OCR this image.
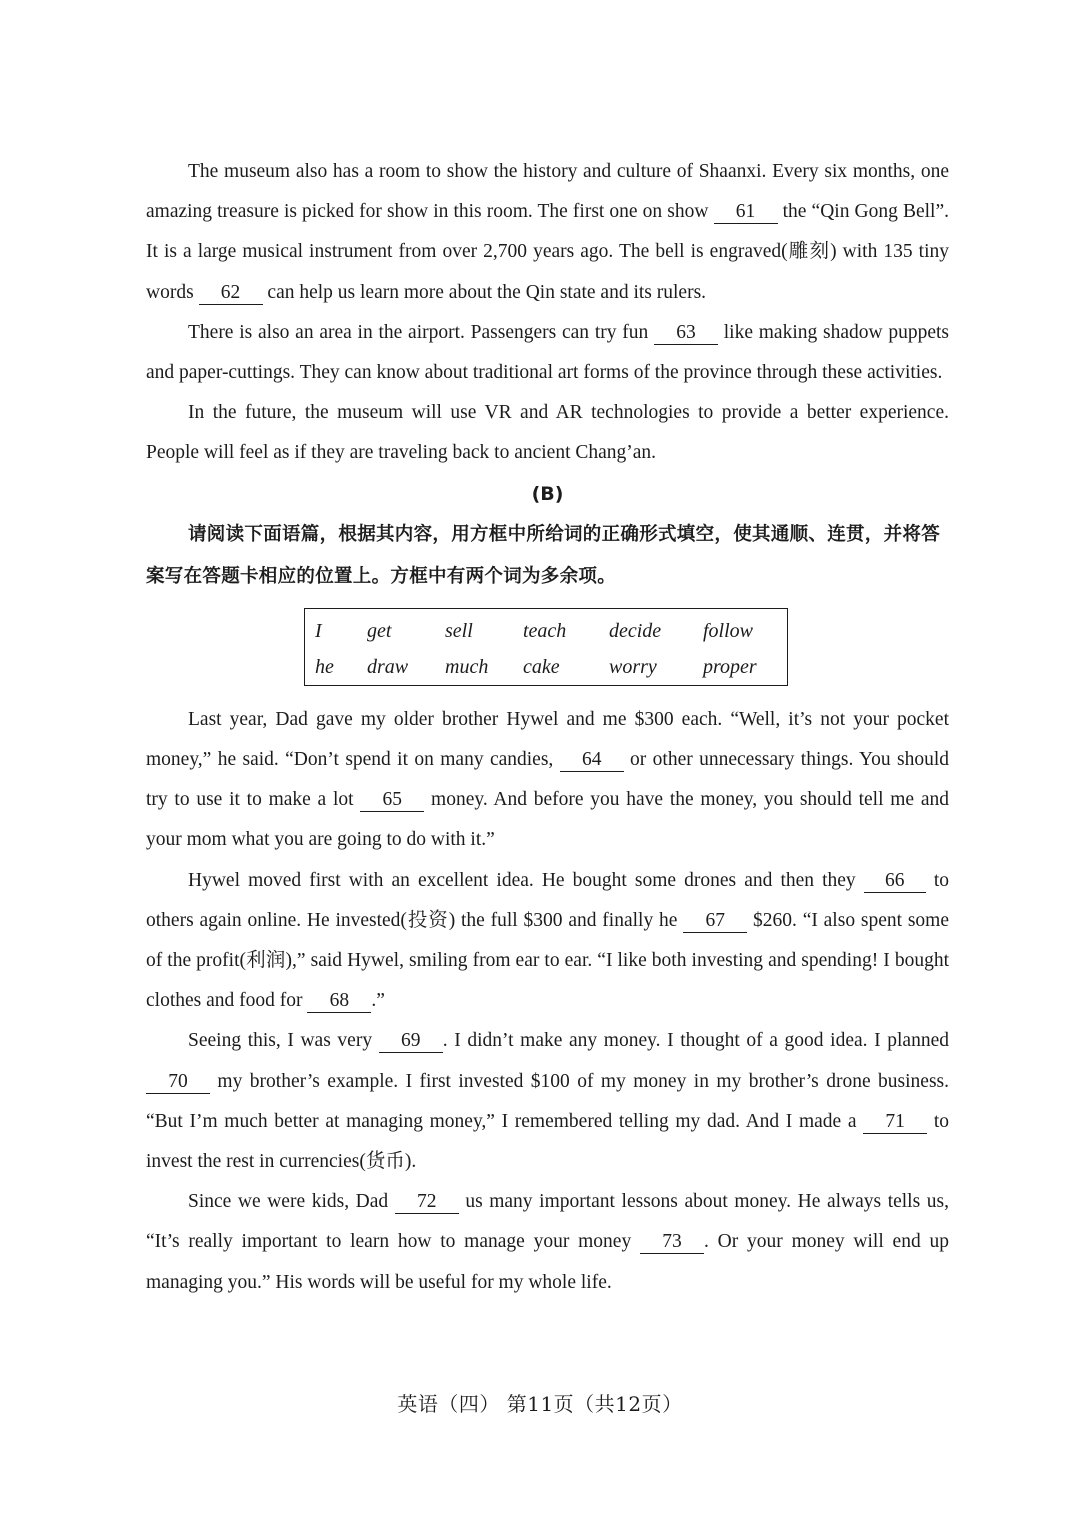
The museum also has a room to show the history and culture of Shaanxi. Every six months, one amazing treasure is picked for show in this room. The first one on show 61 the “Qin Gong Bell”. It is a large musical instrument from over 2,700 years ago. The bell is engraved(雕刻) with 135 tiny words 62 can help us learn more about the Qin state and its rulers.

There is also an area in the airport. Passengers can try fun 63 like making shadow puppets and paper-cuttings. They can know about traditional art forms of the province through these activities.

In the future, the museum will use VR and AR technologies to provide a better experience. People will feel as if they are traveling back to ancient Chang’an.

(B)

请阅读下面语篇，根据其内容，用方框中所给词的正确形式填空，使其通顺、连贯，并将答案写在答题卡相应的位置上。方框中有两个词为多余项。

I	get	sell	teach	decide	follow
he	draw	much	cake	worry	proper

Last year, Dad gave my older brother Hywel and me $300 each. “Well, it’s not your pocket money,” he said. “Don’t spend it on many candies, 64 or other unnecessary things. You should try to use it to make a lot 65 money. And before you have the money, you should tell me and your mom what you are going to do with it.”

Hywel moved first with an excellent idea. He bought some drones and then they 66 to others again online. He invested(投资) the full $300 and finally he 67 $260. “I also spent some of the profit(利润),” said Hywel, smiling from ear to ear. “I like both investing and spending! I bought clothes and food for 68 .”

Seeing this, I was very 69 . I didn’t make any money. I thought of a good idea. I planned 70 my brother’s example. I first invested $100 of my money in my brother’s drone business. “But I’m much better at managing money,” I remembered telling my dad. And I made a 71 to invest the rest in currencies(货币).

Since we were kids, Dad 72 us many important lessons about money. He always tells us, “It’s really important to learn how to manage your money 73 . Or your money will end up managing you.” His words will be useful for my whole life.

英语（四） 第11页（共12页）
